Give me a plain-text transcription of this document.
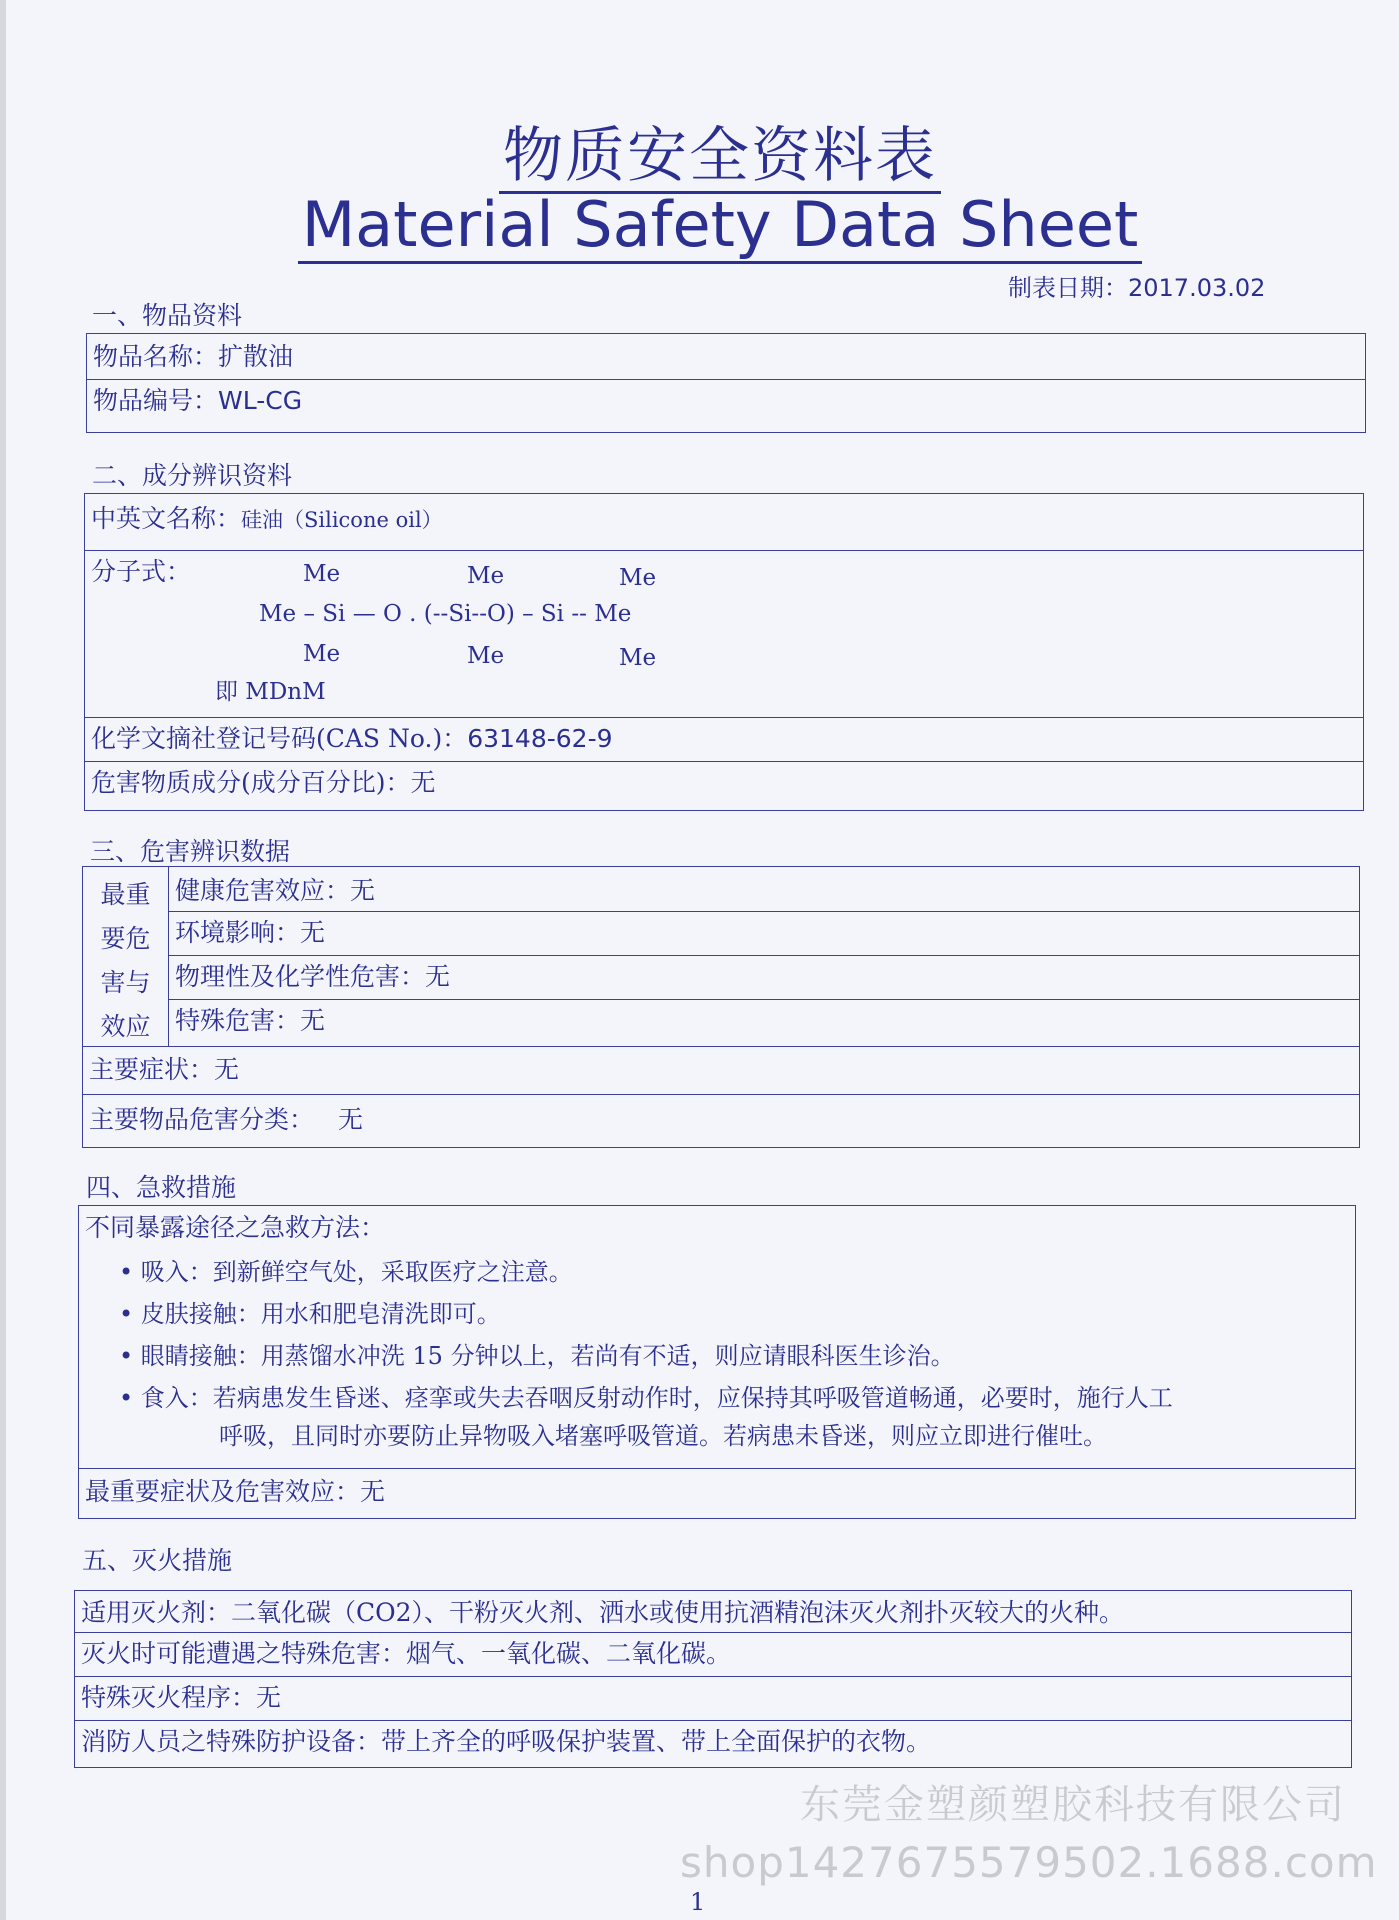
物质安全资料表
Material Safety Data Sheet
制表日期：2017.03.02
一、物品资料
物品名称：扩散油
物品编号：WL-CG
二、成分辨识资料
中英文名称：硅油（Silicone oil）
分子式：	Me	Me	Me
Me – Si — O . (--Si--O) – Si -- Me
Me	Me	Me
即 MDnM
化学文摘社登记号码(CAS No.)：63148-62-9
危害物质成分(成分百分比)：无
三、危害辨识数据
最重
要危
害与
效应
健康危害效应：无
环境影响：无
物理性及化学性危害：无
特殊危害：无
主要症状：无
主要物品危害分类： 无
四、急救措施
不同暴露途径之急救方法：
• 吸入：到新鲜空气处，采取医疗之注意。
• 皮肤接触：用水和肥皂清洗即可。
• 眼睛接触：用蒸馏水冲洗 15 分钟以上，若尚有不适，则应请眼科医生诊治。
• 食入：若病患发生昏迷、痉挛或失去吞咽反射动作时，应保持其呼吸管道畅通，必要时，施行人工
呼吸，且同时亦要防止异物吸入堵塞呼吸管道。若病患未昏迷，则应立即进行催吐。
最重要症状及危害效应：无
五、灭火措施
适用灭火剂：二氧化碳（CO2）、干粉灭火剂、洒水或使用抗酒精泡沫灭火剂扑灭较大的火种。
灭火时可能遭遇之特殊危害：烟气、一氧化碳、二氧化碳。
特殊灭火程序：无
消防人员之特殊防护设备：带上齐全的呼吸保护装置、带上全面保护的衣物。
东莞金塑颜塑胶科技有限公司
shop1427675579502.1688.com
1
